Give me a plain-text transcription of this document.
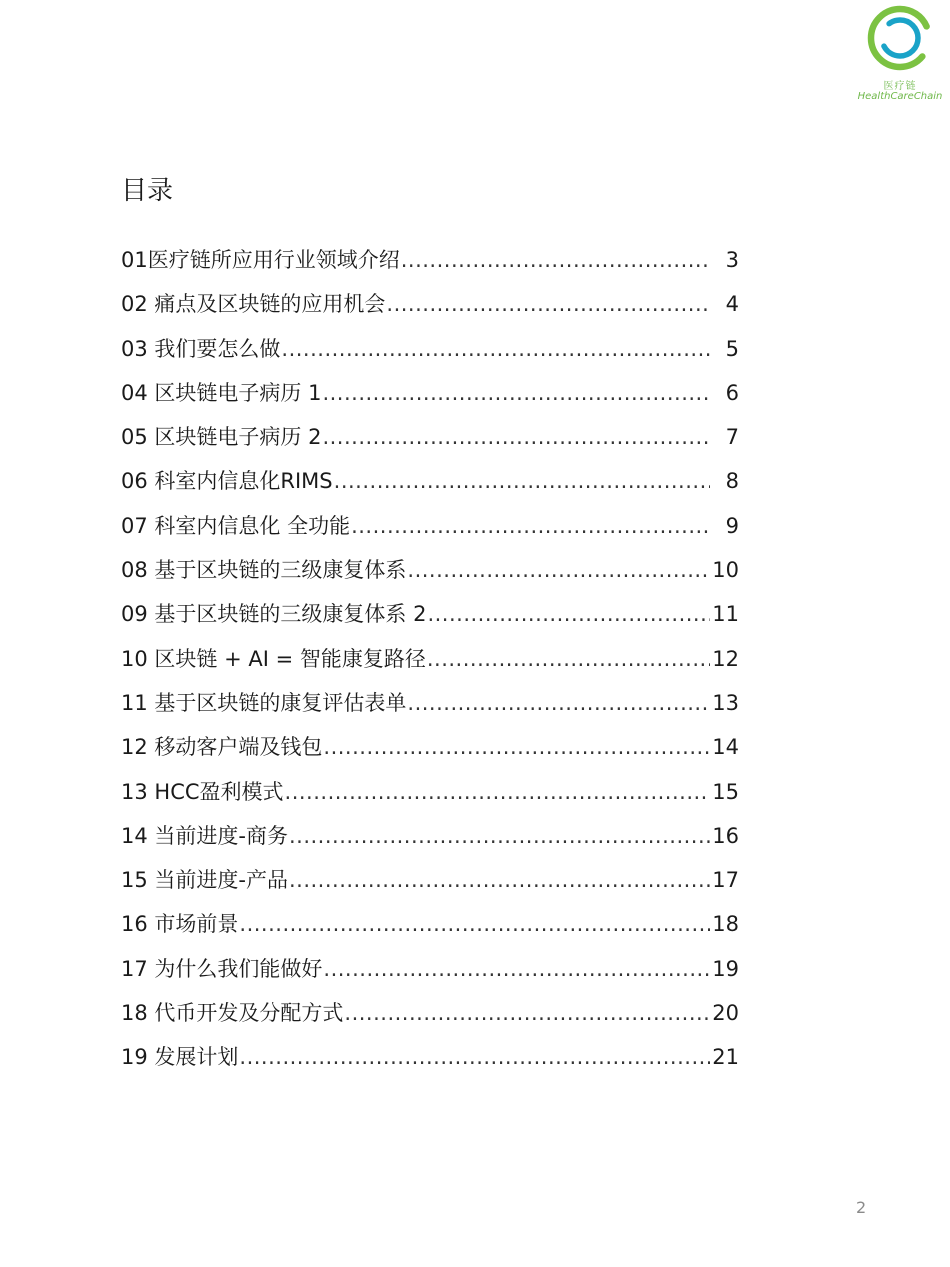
医疗链
HealthCareChain
目录
01医疗链所应用行业领域介绍 .....	3
02 痛点及区块链的应用机会 .....	4
03 我们要怎么做 .....	5
04 区块链电子病历 1 .....	6
05 区块链电子病历 2 .....	7
06 科室内信息化RIMS .....	8
07 科室内信息化 全功能 .....	9
08 基于区块链的三级康复体系 .....	10
09 基于区块链的三级康复体系 2 .....	11
10 区块链 + AI = 智能康复路径 .....	12
11 基于区块链的康复评估表单 .....	13
12 移动客户端及钱包 .....	14
13 HCC盈利模式 .....	15
14 当前进度-商务 .....	16
15 当前进度-产品 .....	17
16 市场前景 .....	18
17 为什么我们能做好 .....	19
18 代币开发及分配方式 .....	20
19 发展计划 .....	21
2
